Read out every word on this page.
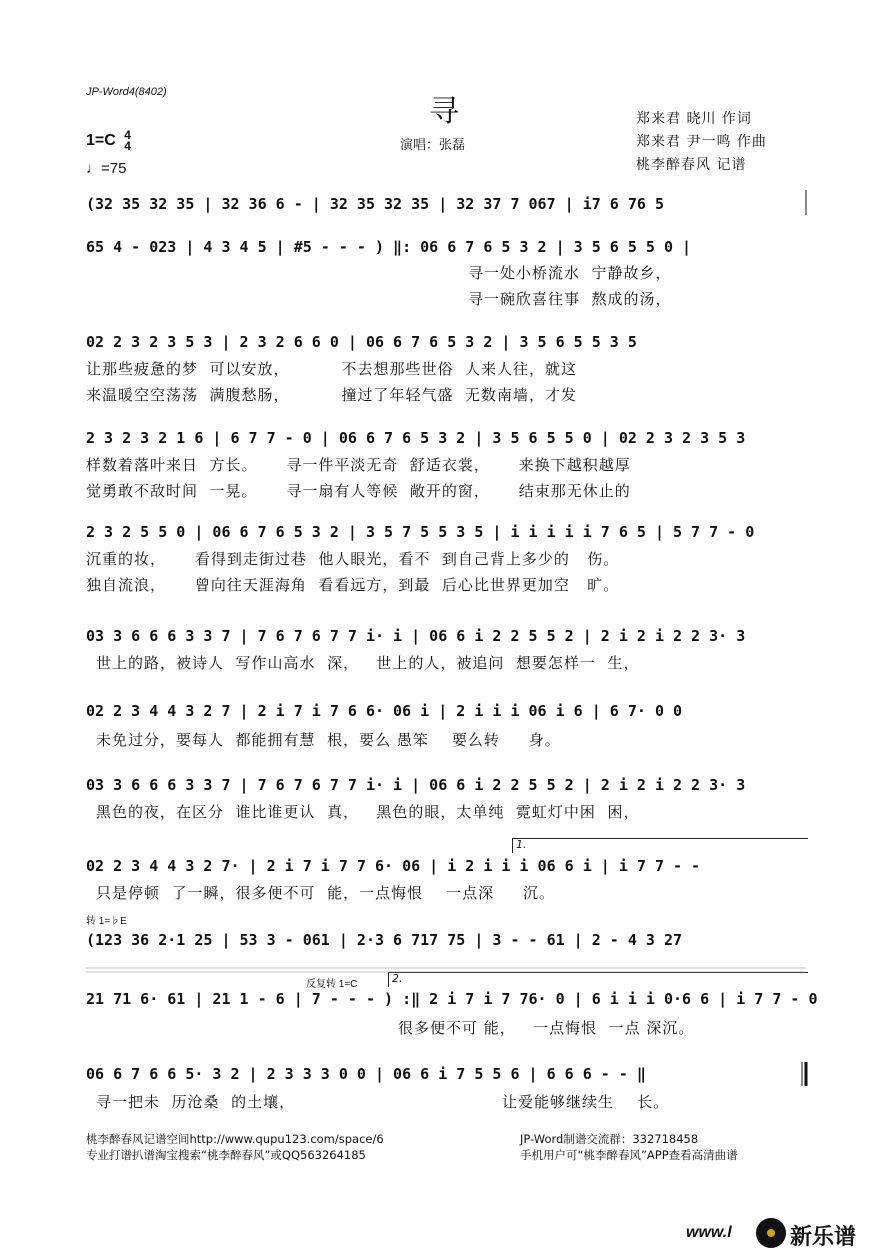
JP-Word4(8402)
寻
演唱：张磊
郑来君 晓川 作词
郑来君 尹一鸣 作曲
桃李醉春风 记谱
1=C 4
4
♩=75
(32 35 32 35 | 32 36 6 - | 32 35 32 35 | 32 37 7 067 | i7 6 76 5
65 4 - 023 | 4 3 4 5 | #5 - - - ) ‖: 06 6 7 6 5 3 2 | 3 5 6 5 5 0 |
寻一处小桥流水  宁静故乡，
寻一碗欣喜往事  熬成的汤，
02 2 3 2 3 5 3 | 2 3 2 6 6 0 | 06 6 7 6 5 3 2 | 3 5 6 5 5 3 5
让那些疲惫的梦  可以安放，         不去想那些世俗  人来人往，就这
来温暖空空荡荡  满腹愁肠，         撞过了年轻气盛  无数南墙，才发
2 3 2 3 2 1 6 | 6 7 7 - 0 | 06 6 7 6 5 3 2 | 3 5 6 5 5 0 | 02 2 3 2 3 5 3
样数着落叶来日  方长。     寻一件平淡无奇  舒适衣裳，     来换下越积越厚
觉勇敢不敌时间  一晃。     寻一扇有人等候  敞开的窗，     结束那无休止的
2 3 2 5 5 0 | 06 6 7 6 5 3 2 | 3 5 7 5 5 3 5 | i i i i i 7 6 5 | 5 7 7 - 0
沉重的妆，     看得到走街过巷  他人眼光，看不  到自己背上多少的   伤。
独自流浪，     曾向往天涯海角  看看远方，到最  后心比世界更加空   旷。
03 3 6 6 6 3 3 7 | 7 6 7 6 7 7 i· i | 06 6 i 2 2 5 5 2 | 2 i 2 i 2 2 3· 3
世上的路，被诗人  写作山高水  深，   世上的人，被追问  想要怎样一  生，
02 2 3 4 4 3 2 7 | 2 i 7 i 7 6 6· 06 i | 2 i i i 06 i 6 | 6 7· 0 0
未免过分，要每人  都能拥有慧  根，要么 愚笨    要么转     身。
03 3 6 6 6 3 3 7 | 7 6 7 6 7 7 i· i | 06 6 i 2 2 5 5 2 | 2 i 2 i 2 2 3· 3
黑色的夜，在区分  谁比谁更认  真，   黑色的眼，太单纯  霓虹灯中困  困，
1.
02 2 3 4 4 3 2 7· | 2 i 7 i 7 7 6· 06 | i 2 i i i 06 6 i | i 7 7 - -
只是停顿  了一瞬，很多便不可  能，一点悔恨    一点深     沉。
转 1=♭E
(123 36 2·1 25 | 53 3 - 061 | 2·3 6 717 75 | 3 - - 61 | 2 - 4 3 27
反复转 1=C	2.
21 71 6· 61 | 21 1 - 6 | 7 - - - ) :‖ 2 i 7 i 7 76· 0 | 6 i i i 0·6 6 | i 7 7 - 0
很多便不可 能，   一点悔恨  一点 深沉。
06 6 7 6 6 5· 3 2 | 2 3 3 3 0 0 | 06 6 i 7 5 5 6 | 6 6 6 - - ‖
寻一把未  历沧桑  的土壤，	让爱能够继续生    长。
桃李醉春风记谱空间http://www.qupu123.com/space/6
专业打谱扒谱淘宝搜索“桃李醉春风”或QQ563264185
JP-Word制谱交流群：332718458
手机用户可“桃李醉春风”APP查看高清曲谱
www.l	新乐谱
